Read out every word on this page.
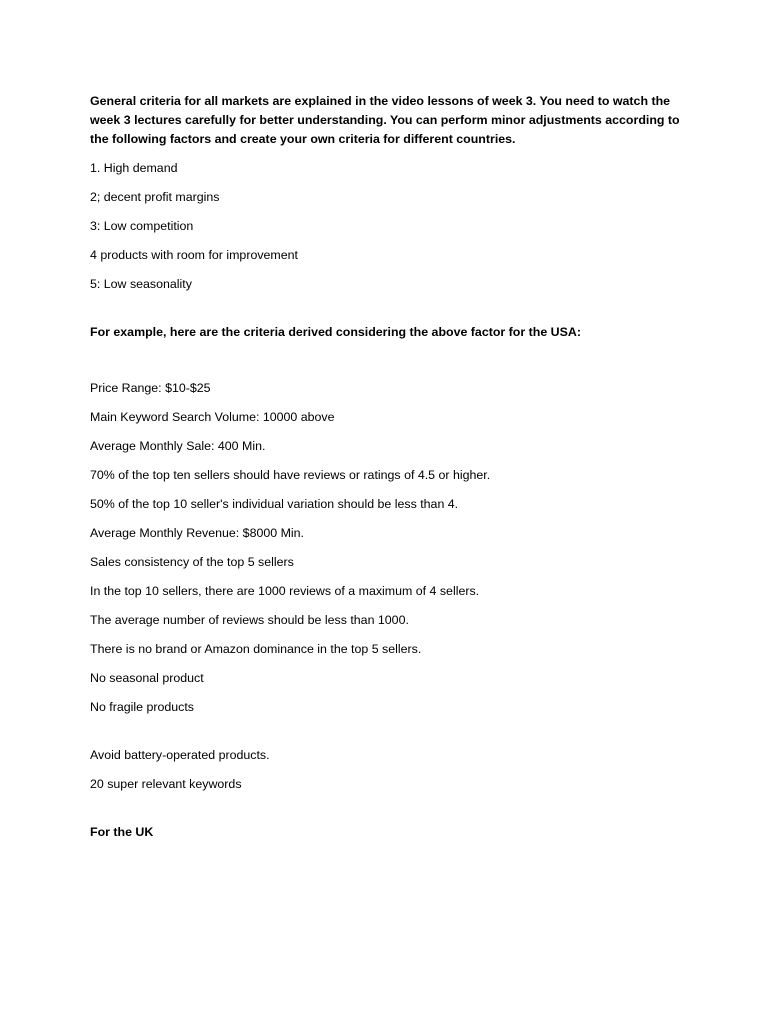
General criteria for all markets are explained in the video lessons of week 3. You need to watch the week 3 lectures carefully for better understanding. You can perform minor adjustments according to the following factors and create your own criteria for different countries.

1. High demand

2; decent profit margins

3: Low competition

4 products with room for improvement

5: Low seasonality

For example, here are the criteria derived considering the above factor for the USA:

Price Range: $10-$25

Main Keyword Search Volume: 10000 above

Average Monthly Sale: 400 Min.

70% of the top ten sellers should have reviews or ratings of 4.5 or higher.

50% of the top 10 seller's individual variation should be less than 4.

Average Monthly Revenue: $8000 Min.

Sales consistency of the top 5 sellers

In the top 10 sellers, there are 1000 reviews of a maximum of 4 sellers.

The average number of reviews should be less than 1000.

There is no brand or Amazon dominance in the top 5 sellers.

No seasonal product

No fragile products

Avoid battery-operated products.

20 super relevant keywords

For the UK
